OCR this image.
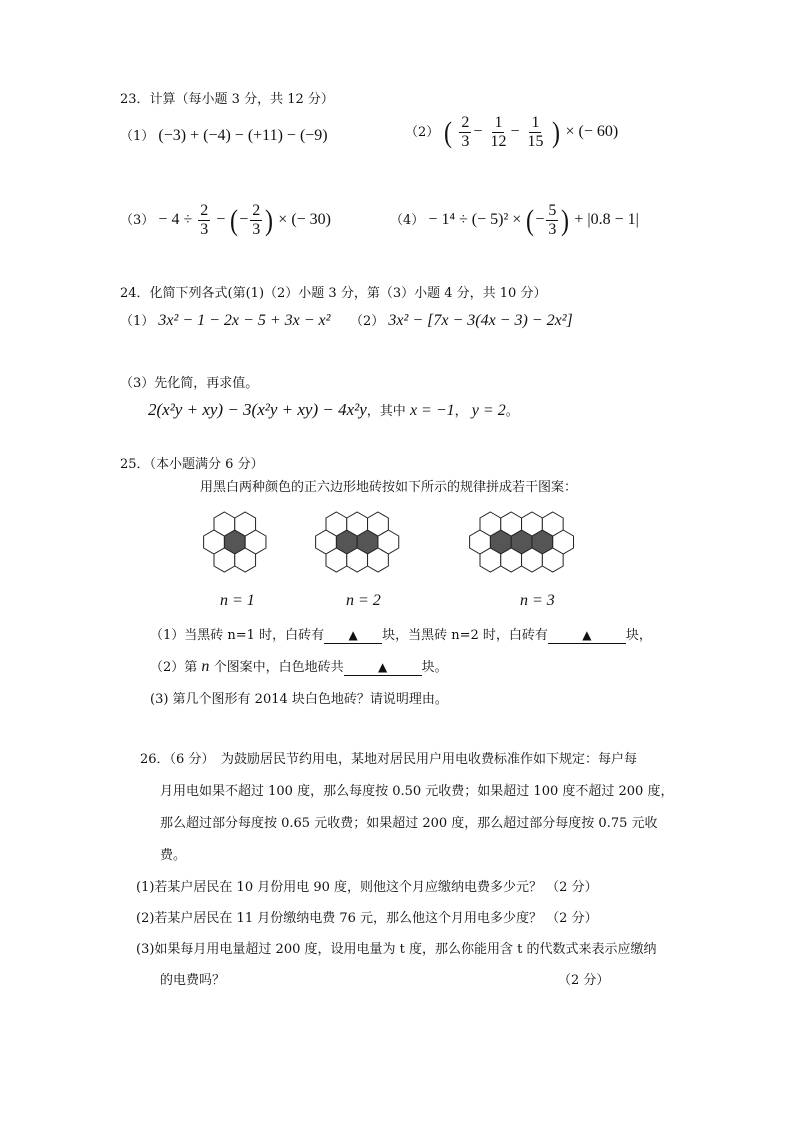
23．计算（每小题 3 分，共 12 分）
（1） (−3) + (−4) − (+11) − (−9)	（2） ( $\frac{2}{3} - \frac{1}{12} - \frac{1}{15}$ ) × (− 60)
$(3) - 4 \div \frac{2}{3}$ − (− $\frac{2}{3}$ ) × (− 30)	（4） − 1⁴ ÷ (− 5)² × (− $\frac{5}{3}$ ) + |0.8 − 1|
24．化简下列各式(第(1)（2）小题 3 分，第（3）小题 4 分，共 10 分）
（1） 3x² − 1 − 2x − 5 + 3x − x² （2） 3x² − [7x − 3(4x − 3) − 2x²]
（3）先化简，再求值。
2(x²y + xy) − 3(x²y + xy) − 4x²y，其中 x = −1， y = 2。
25．（本小题满分 6 分）
用黑白两种颜色的正六边形地砖按如下所示的规律拼成若干图案：
n = 1	n = 2	n = 3
（1）当黑砖 n=1 时，白砖有 ▲ 块，当黑砖 n=2 时，白砖有	▲	块，
（2）第 n 个图案中，白色地砖共	▲	块。
(3) 第几个图形有 2014 块白色地砖？请说明理由。
26．（6 分）　为鼓励居民节约用电，某地对居民用户用电收费标准作如下规定：每户每
月用电如果不超过 100 度，那么每度按 0.50 元收费；如果超过 100 度不超过 200 度，
那么超过部分每度按 0.65 元收费；如果超过 200 度，那么超过部分每度按 0.75 元收
费。
(1)若某户居民在 10 月份用电 90 度，则他这个月应缴纳电费多少元？ （2 分）
(2)若某户居民在 11 月份缴纳电费 76 元，那么他这个月用电多少度？ （2 分）
(3)如果每月用电量超过 200 度，设用电量为 t 度，那么你能用含 t 的代数式来表示应缴纳
的电费吗？	（2 分）
